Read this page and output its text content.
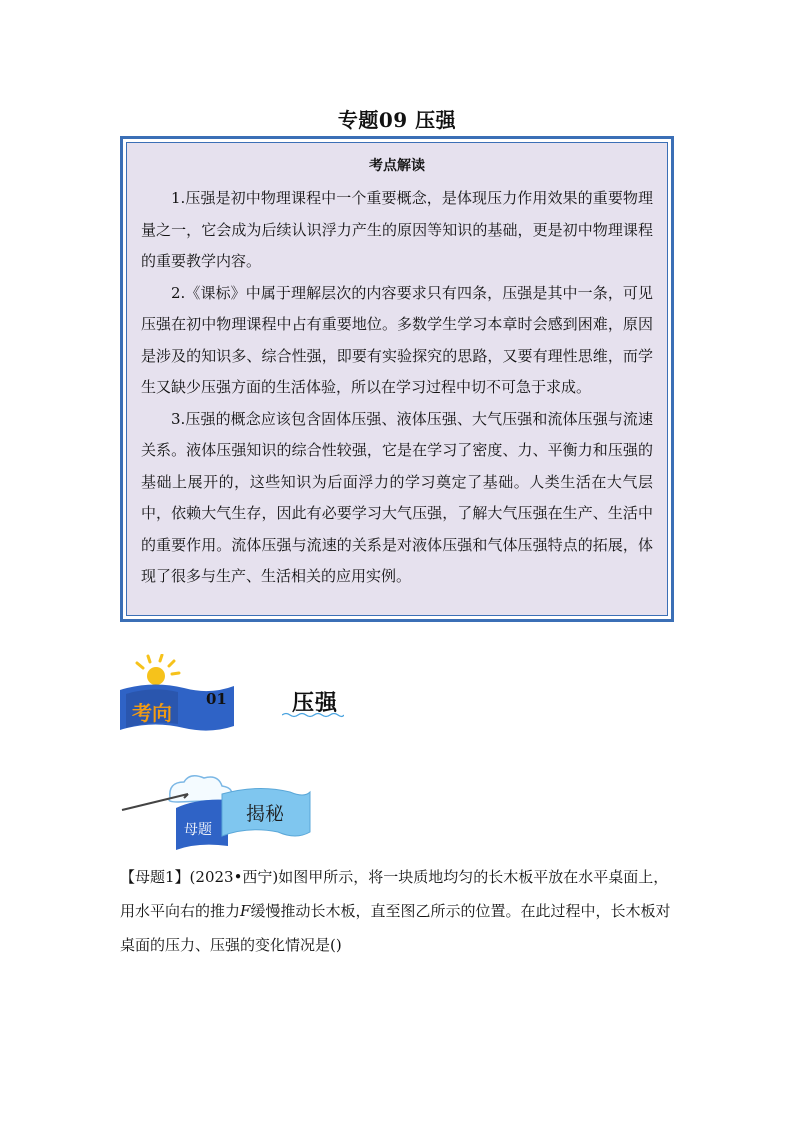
专题09 压强
考点解读

1.压强是初中物理课程中一个重要概念，是体现压力作用效果的重要物理量之一，它会成为后续认识浮力产生的原因等知识的基础，更是初中物理课程的重要教学内容。

2.《课标》中属于理解层次的内容要求只有四条，压强是其中一条，可见压强在初中物理课程中占有重要地位。多数学生学习本章时会感到困难，原因是涉及的知识多、综合性强，即要有实验探究的思路，又要有理性思维，而学生又缺少压强方面的生活体验，所以在学习过程中切不可急于求成。

3.压强的概念应该包含固体压强、液体压强、大气压强和流体压强与流速关系。液体压强知识的综合性较强，它是在学习了密度、力、平衡力和压强的基础上展开的，这些知识为后面浮力的学习奠定了基础。人类生活在大气层中，依赖大气生存，因此有必要学习大气压强，了解大气压强在生产、生活中的重要作用。流体压强与流速的关系是对液体压强和气体压强特点的拓展，体现了很多与生产、生活相关的应用实例。

考向
01	压强
母题
揭秘

【母题1】(2023•西宁)如图甲所示，将一块质地均匀的长木板平放在水平桌面上，用水平向右的推力F缓慢推动长木板，直至图乙所示的位置。在此过程中，长木板对桌面的压力、压强的变化情况是()
